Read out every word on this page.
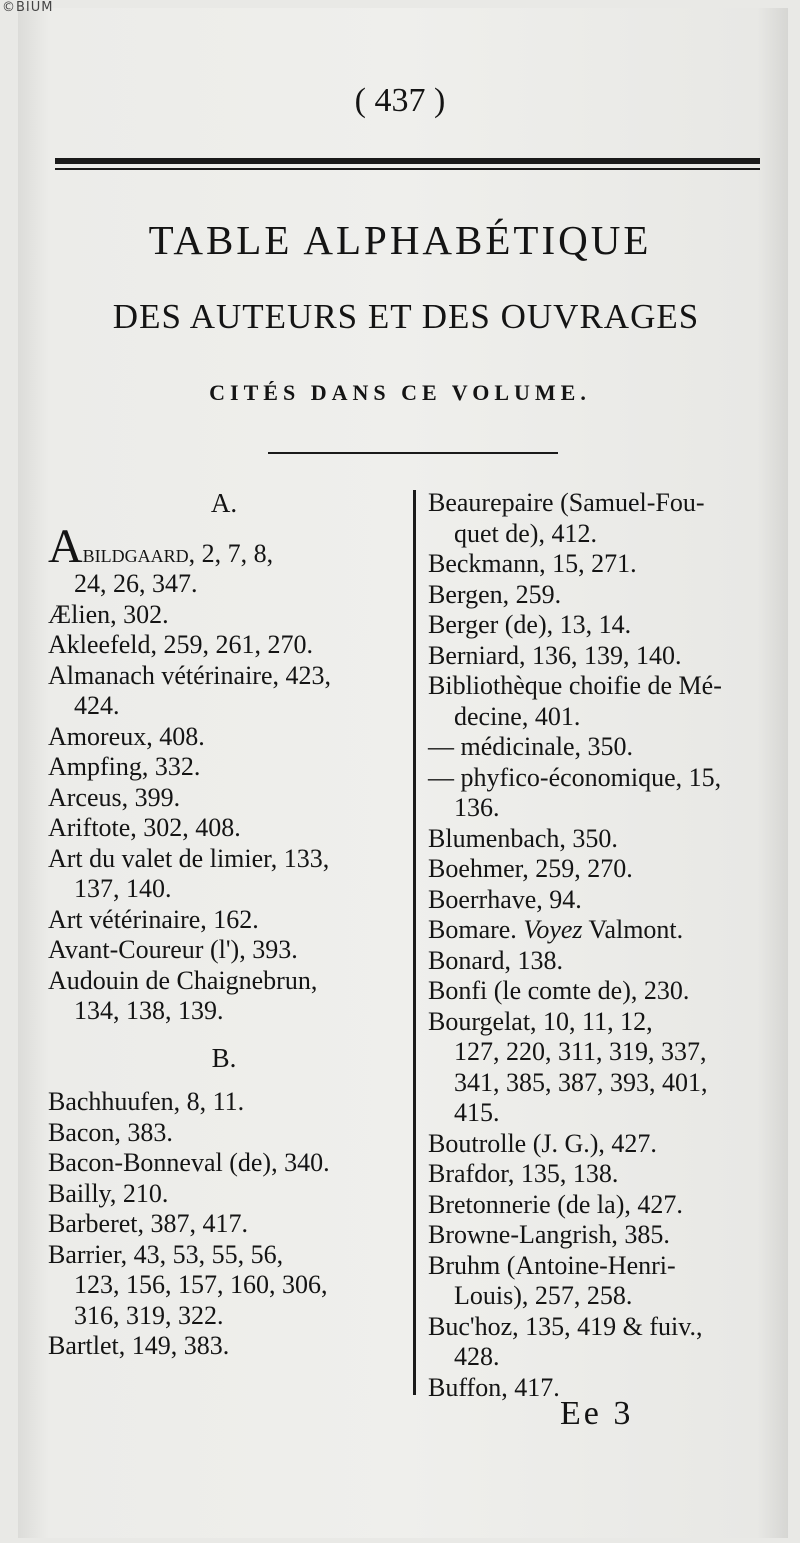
©BIUM
( 437 )
TABLE ALPHABÉTIQUE
DES AUTEURS ET DES OUVRAGES
CITÉS DANS CE VOLUME.
A.
Abildgaard, 2, 7, 8,
24, 26, 347.
Ælien, 302.
Akleefeld, 259, 261, 270.
Almanach vétérinaire, 423,
424.
Amoreux, 408.
Ampfing, 332.
Arceus, 399.
Ariftote, 302, 408.
Art du valet de limier, 133,
137, 140.
Art vétérinaire, 162.
Avant-Coureur (l'), 393.
Audouin de Chaignebrun,
134, 138, 139.
B.
Bachhuufen, 8, 11.
Bacon, 383.
Bacon-Bonneval (de), 340.
Bailly, 210.
Barberet, 387, 417.
Barrier, 43, 53, 55, 56,
123, 156, 157, 160, 306,
316, 319, 322.
Bartlet, 149, 383.
Beaurepaire (Samuel-Fou-
quet de), 412.
Beckmann, 15, 271.
Bergen, 259.
Berger (de), 13, 14.
Berniard, 136, 139, 140.
Bibliothèque choifie de Mé-
decine, 401.
— médicinale, 350.
— phyfico-économique, 15,
136.
Blumenbach, 350.
Boehmer, 259, 270.
Boerrhave, 94.
Bomare. Voyez Valmont.
Bonard, 138.
Bonfi (le comte de), 230.
Bourgelat, 10, 11, 12,
127, 220, 311, 319, 337,
341, 385, 387, 393, 401,
415.
Boutrolle (J. G.), 427.
Brafdor, 135, 138.
Bretonnerie (de la), 427.
Browne-Langrish, 385.
Bruhm (Antoine-Henri-
Louis), 257, 258.
Buc'hoz, 135, 419 & fuiv.,
428.
Buffon, 417.
Ee 3
